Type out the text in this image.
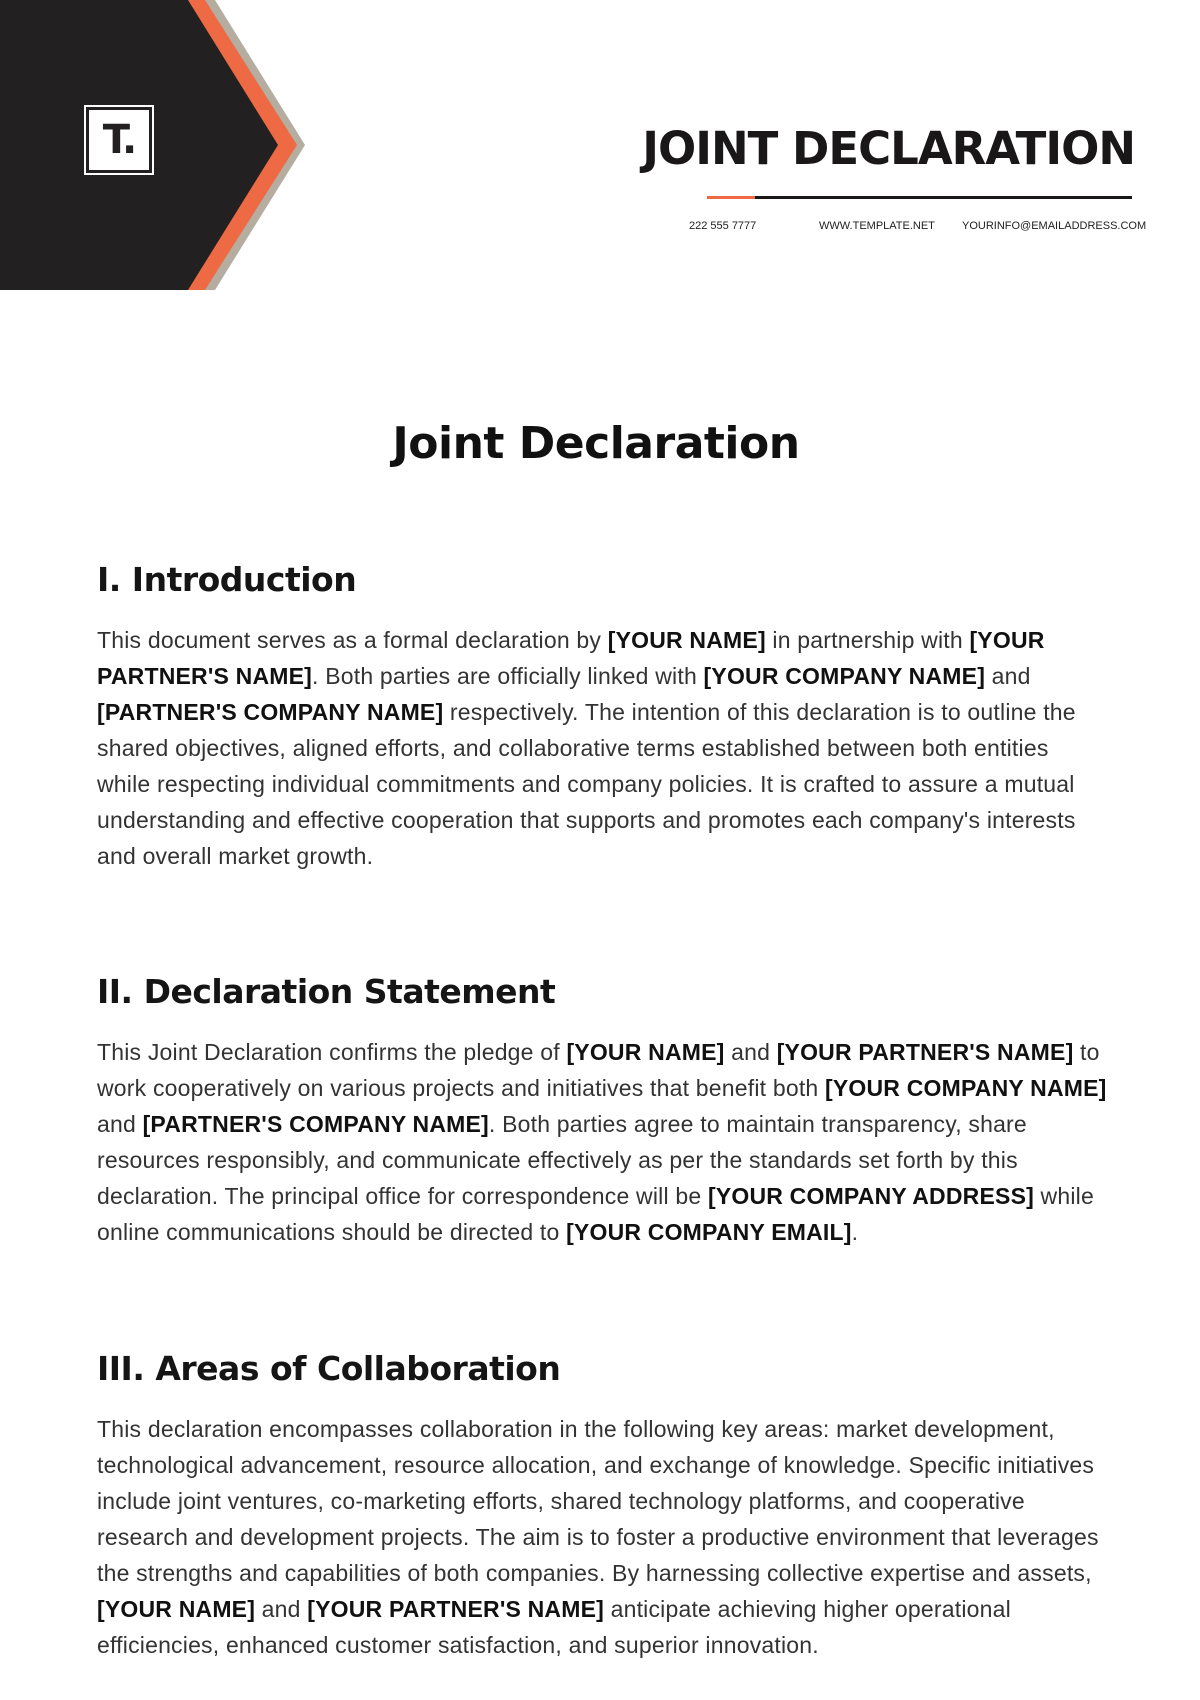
T.	JOINT DECLARATION
222 555 7777	WWW.TEMPLATE.NET YOURINFO@EMAILADDRESS.COM
Joint Declaration
I. Introduction

This document serves as a formal declaration by [YOUR NAME] in partnership with [YOUR PARTNER'S NAME]. Both parties are officially linked with [YOUR COMPANY NAME] and [PARTNER'S COMPANY NAME] respectively. The intention of this declaration is to outline the shared objectives, aligned efforts, and collaborative terms established between both entities while respecting individual commitments and company policies. It is crafted to assure a mutual understanding and effective cooperation that supports and promotes each company's interests and overall market growth.

II. Declaration Statement

This Joint Declaration confirms the pledge of [YOUR NAME] and [YOUR PARTNER'S NAME] to work cooperatively on various projects and initiatives that benefit both [YOUR COMPANY NAME] and [PARTNER'S COMPANY NAME]. Both parties agree to maintain transparency, share resources responsibly, and communicate effectively as per the standards set forth by this declaration. The principal office for correspondence will be [YOUR COMPANY ADDRESS] while online communications should be directed to [YOUR COMPANY EMAIL].

III. Areas of Collaboration

This declaration encompasses collaboration in the following key areas: market development, technological advancement, resource allocation, and exchange of knowledge. Specific initiatives include joint ventures, co-marketing efforts, shared technology platforms, and cooperative research and development projects. The aim is to foster a productive environment that leverages the strengths and capabilities of both companies. By harnessing collective expertise and assets, [YOUR NAME] and [YOUR PARTNER'S NAME] anticipate achieving higher operational efficiencies, enhanced customer satisfaction, and superior innovation.
